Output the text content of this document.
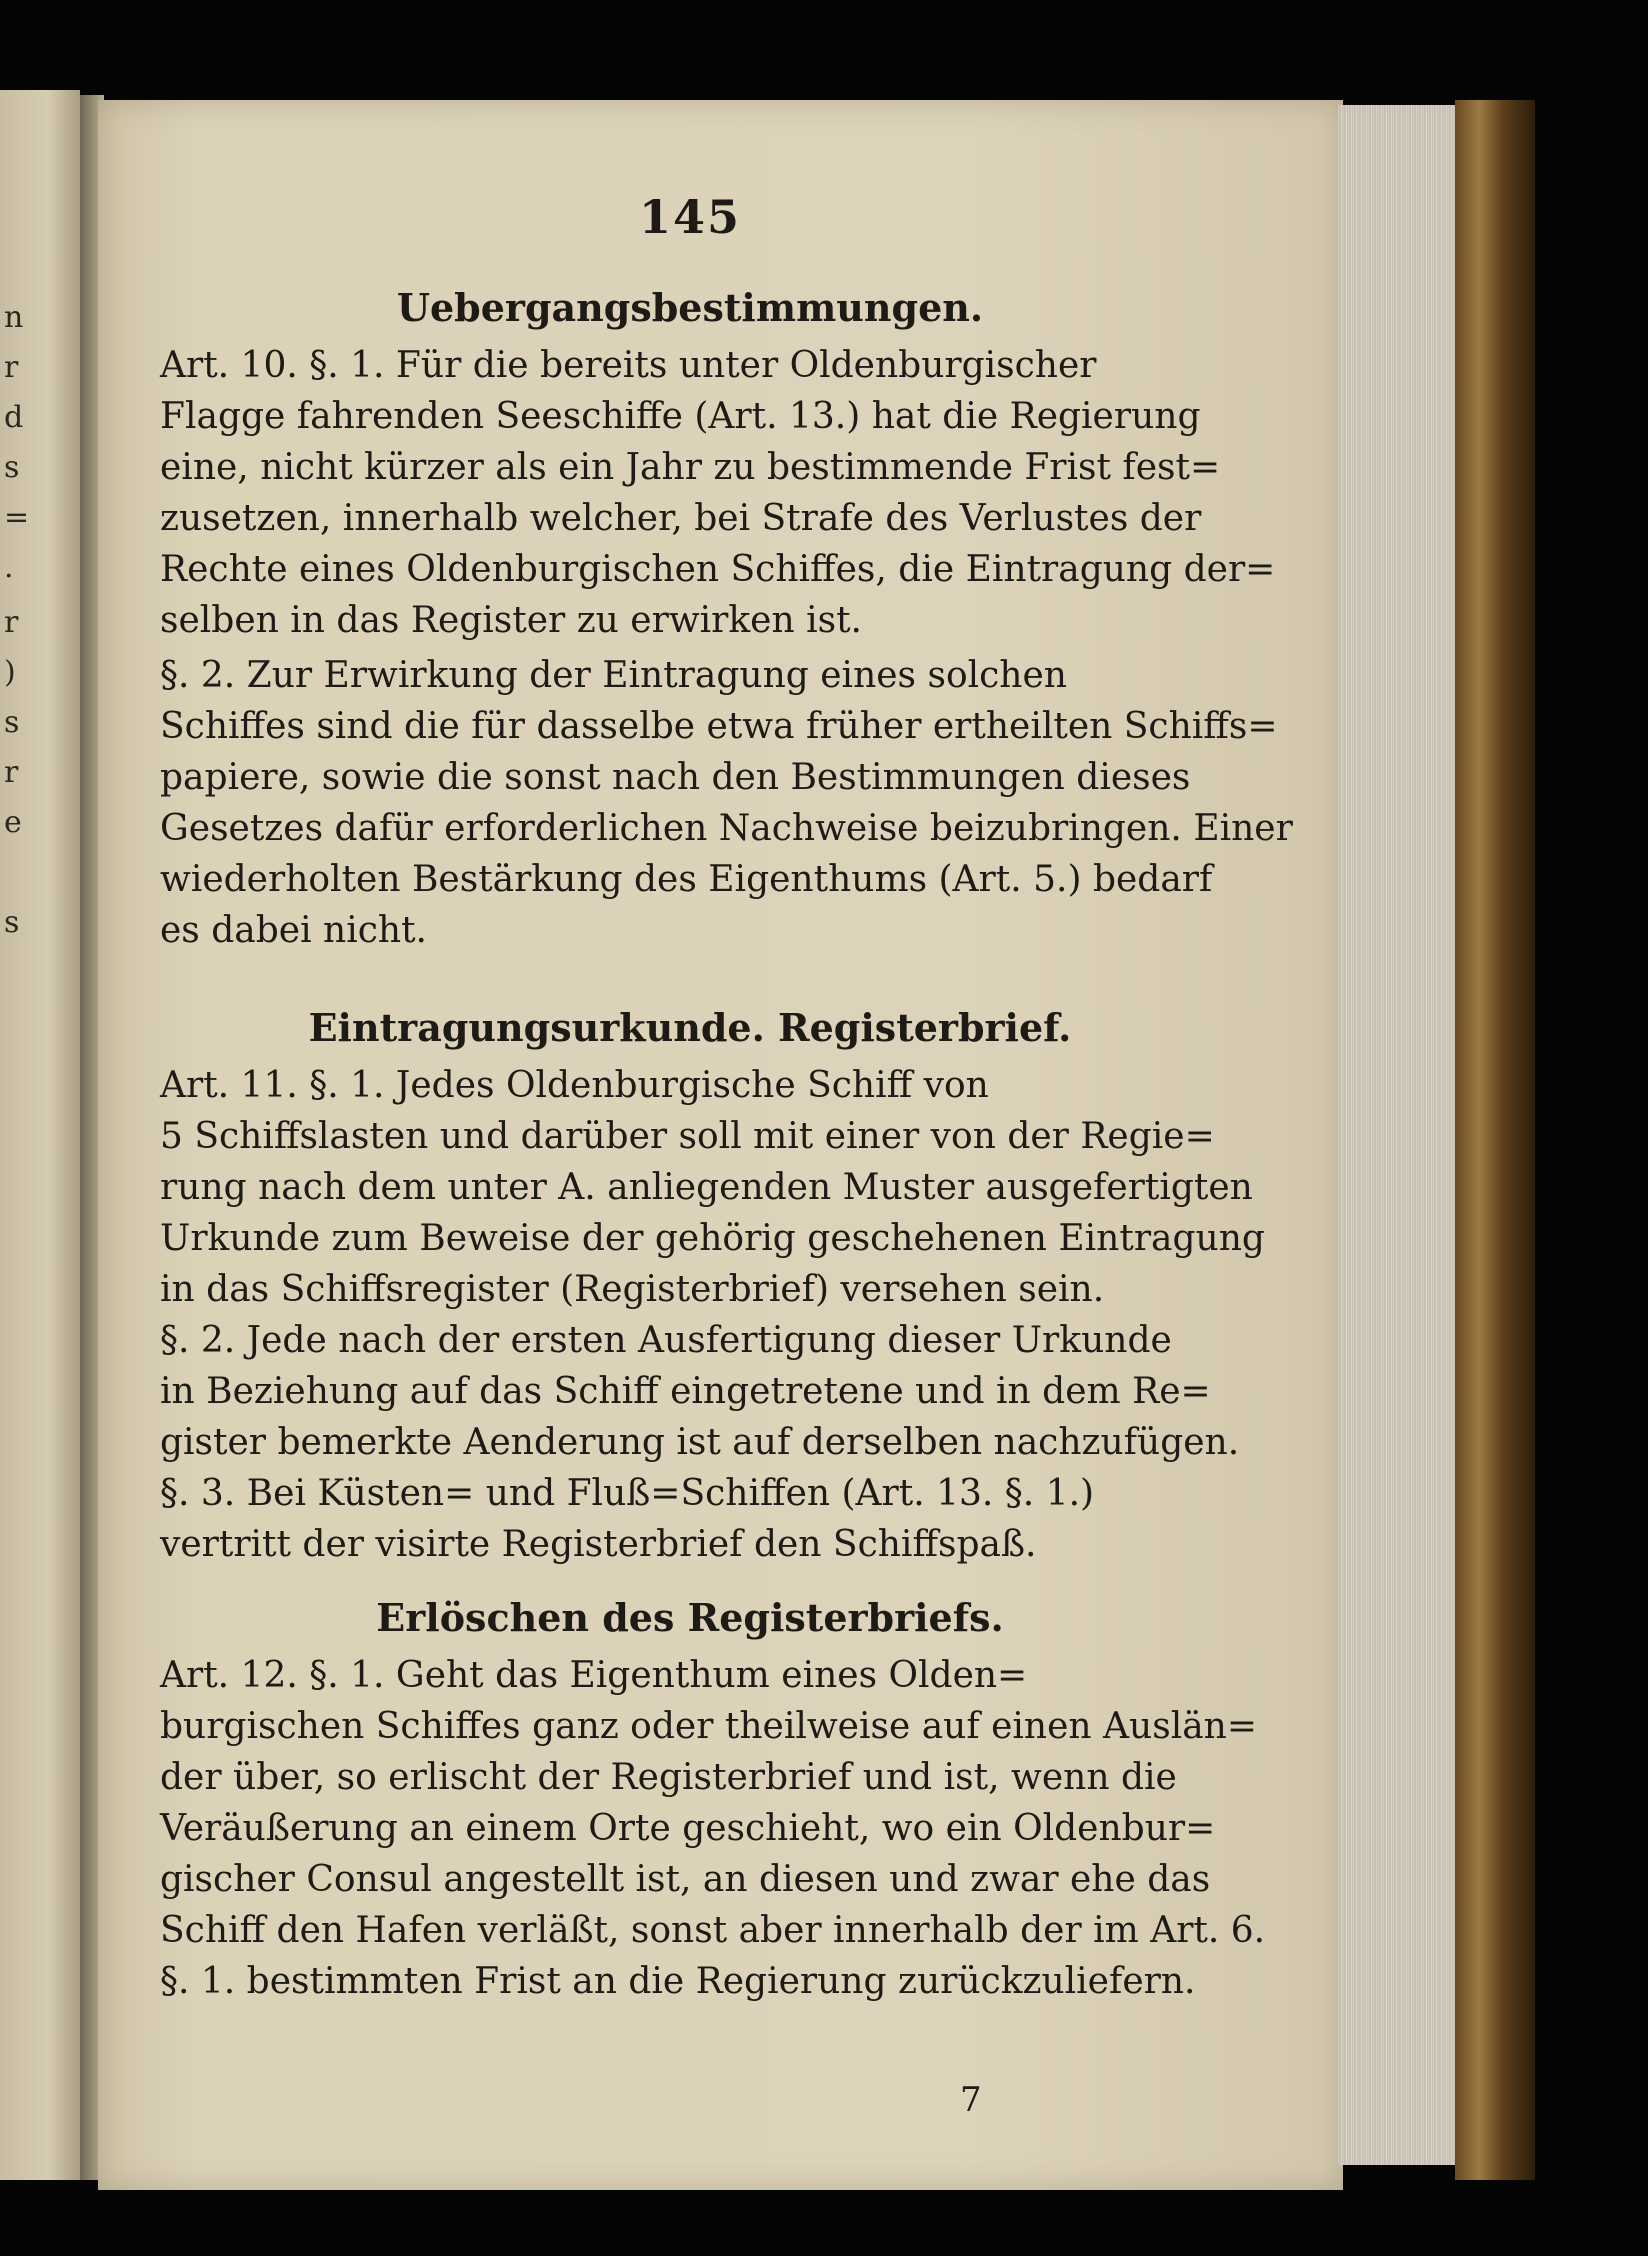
n
r
d
s
=
.
r
)
s
r
e
s
145
Uebergangsbestimmungen.
Art. 10. §. 1. Für die bereits unter Oldenburgischer
Flagge fahrenden Seeschiffe (Art. 13.) hat die Regierung
eine, nicht kürzer als ein Jahr zu bestimmende Frist fest=
zusetzen, innerhalb welcher, bei Strafe des Verlustes der
Rechte eines Oldenburgischen Schiffes, die Eintragung der=
selben in das Register zu erwirken ist.
§. 2. Zur Erwirkung der Eintragung eines solchen
Schiffes sind die für dasselbe etwa früher ertheilten Schiffs=
papiere, sowie die sonst nach den Bestimmungen dieses
Gesetzes dafür erforderlichen Nachweise beizubringen. Einer
wiederholten Bestärkung des Eigenthums (Art. 5.) bedarf
es dabei nicht.
Eintragungsurkunde. Registerbrief.
Art. 11. §. 1. Jedes Oldenburgische Schiff von
5 Schiffslasten und darüber soll mit einer von der Regie=
rung nach dem unter A. anliegenden Muster ausgefertigten
Urkunde zum Beweise der gehörig geschehenen Eintragung
in das Schiffsregister (Registerbrief) versehen sein.
§. 2. Jede nach der ersten Ausfertigung dieser Urkunde
in Beziehung auf das Schiff eingetretene und in dem Re=
gister bemerkte Aenderung ist auf derselben nachzufügen.
§. 3. Bei Küsten= und Fluß=Schiffen (Art. 13. §. 1.)
vertritt der visirte Registerbrief den Schiffspaß.
Erlöschen des Registerbriefs.
Art. 12. §. 1. Geht das Eigenthum eines Olden=
burgischen Schiffes ganz oder theilweise auf einen Auslän=
der über, so erlischt der Registerbrief und ist, wenn die
Veräußerung an einem Orte geschieht, wo ein Oldenbur=
gischer Consul angestellt ist, an diesen und zwar ehe das
Schiff den Hafen verläßt, sonst aber innerhalb der im Art. 6.
§. 1. bestimmten Frist an die Regierung zurückzuliefern.
7
